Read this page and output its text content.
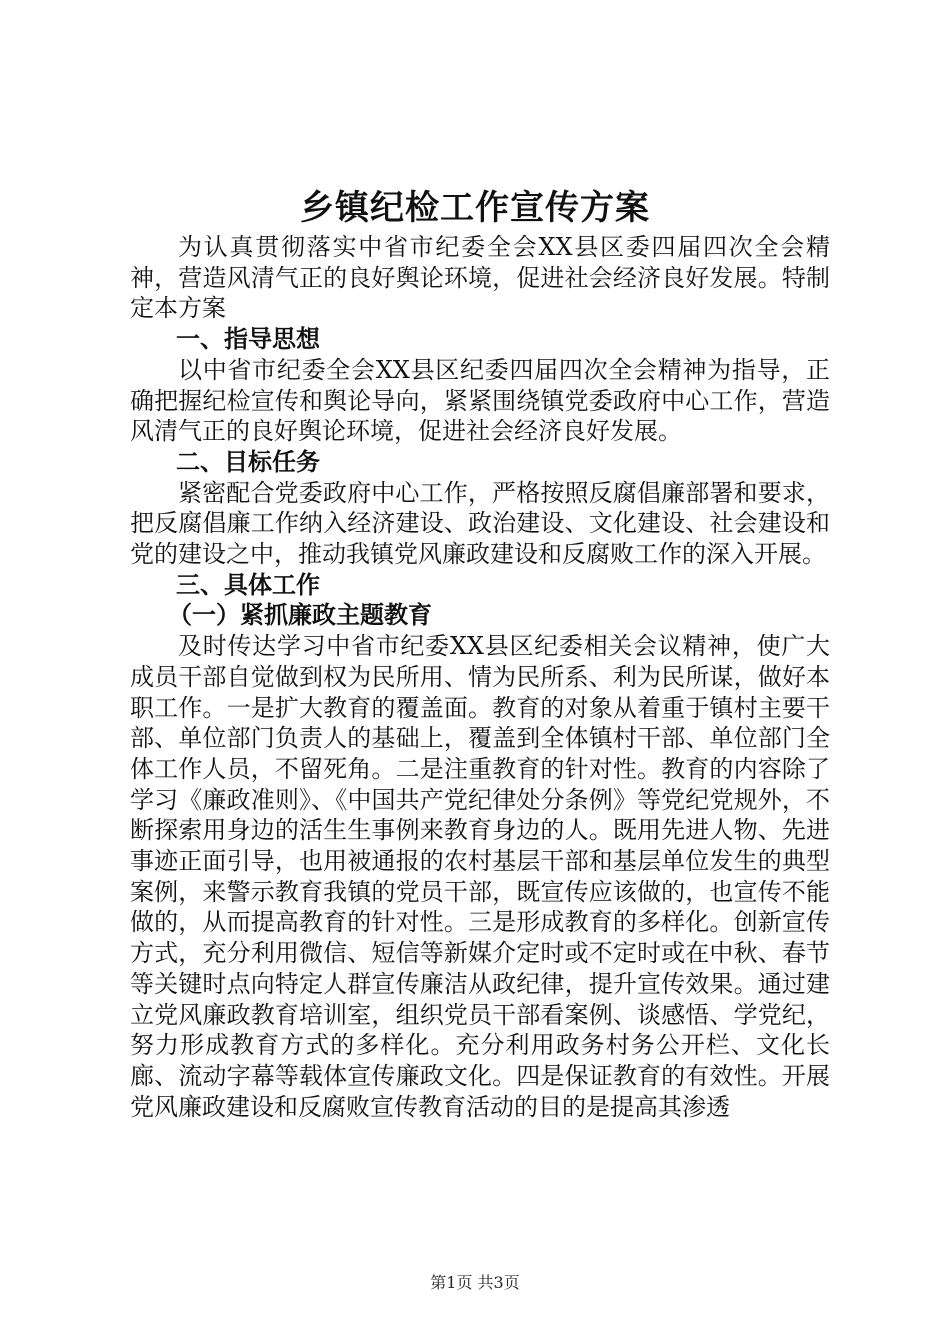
乡镇纪检工作宣传方案

为认真贯彻落实中省市纪委全会XX县区委四届四次全会精神，营造风清气正的良好舆论环境，促进社会经济良好发展。特制定本方案

一、指导思想

以中省市纪委全会XX县区纪委四届四次全会精神为指导，正确把握纪检宣传和舆论导向，紧紧围绕镇党委政府中心工作，营造风清气正的良好舆论环境，促进社会经济良好发展。

二、目标任务

紧密配合党委政府中心工作，严格按照反腐倡廉部署和要求，把反腐倡廉工作纳入经济建设、政治建设、文化建设、社会建设和党的建设之中，推动我镇党风廉政建设和反腐败工作的深入开展。

三、具体工作

（一）紧抓廉政主题教育

及时传达学习中省市纪委XX县区纪委相关会议精神，使广大成员干部自觉做到权为民所用、情为民所系、利为民所谋，做好本职工作。一是扩大教育的覆盖面。教育的对象从着重于镇村主要干部、单位部门负责人的基础上，覆盖到全体镇村干部、单位部门全体工作人员，不留死角。二是注重教育的针对性。教育的内容除了学习《廉政准则》、《中国共产党纪律处分条例》等党纪党规外，不断探索用身边的活生生事例来教育身边的人。既用先进人物、先进事迹正面引导，也用被通报的农村基层干部和基层单位发生的典型案例，来警示教育我镇的党员干部，既宣传应该做的，也宣传不能做的，从而提高教育的针对性。三是形成教育的多样化。创新宣传方式，充分利用微信、短信等新媒介定时或不定时或在中秋、春节等关键时点向特定人群宣传廉洁从政纪律，提升宣传效果。通过建立党风廉政教育培训室，组织党员干部看案例、谈感悟、学党纪，努力形成教育方式的多样化。充分利用政务村务公开栏、文化长廊、流动字幕等载体宣传廉政文化。四是保证教育的有效性。开展党风廉政建设和反腐败宣传教育活动的目的是提高其渗透

第1页 共3页
